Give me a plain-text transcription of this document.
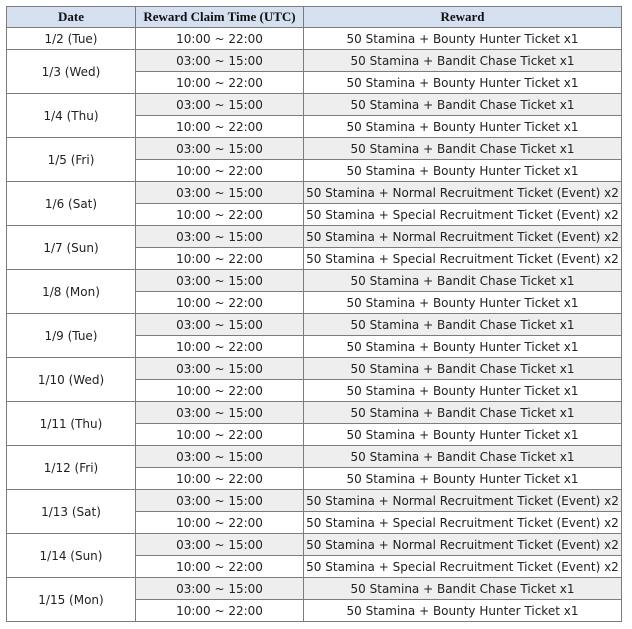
Date	Reward Claim Time (UTC)	Reward
1/2 (Tue)	10:00 ~ 22:00	50 Stamina + Bounty Hunter Ticket x1
1/3 (Wed)	03:00 ~ 15:00	50 Stamina + Bandit Chase Ticket x1
	10:00 ~ 22:00	50 Stamina + Bounty Hunter Ticket x1
1/4 (Thu)	03:00 ~ 15:00	50 Stamina + Bandit Chase Ticket x1
	10:00 ~ 22:00	50 Stamina + Bounty Hunter Ticket x1
1/5 (Fri)	03:00 ~ 15:00	50 Stamina + Bandit Chase Ticket x1
	10:00 ~ 22:00	50 Stamina + Bounty Hunter Ticket x1
1/6 (Sat)	03:00 ~ 15:00	50 Stamina + Normal Recruitment Ticket (Event) x2
	10:00 ~ 22:00	50 Stamina + Special Recruitment Ticket (Event) x2
1/7 (Sun)	03:00 ~ 15:00	50 Stamina + Normal Recruitment Ticket (Event) x2
	10:00 ~ 22:00	50 Stamina + Special Recruitment Ticket (Event) x2
1/8 (Mon)	03:00 ~ 15:00	50 Stamina + Bandit Chase Ticket x1
	10:00 ~ 22:00	50 Stamina + Bounty Hunter Ticket x1
1/9 (Tue)	03:00 ~ 15:00	50 Stamina + Bandit Chase Ticket x1
	10:00 ~ 22:00	50 Stamina + Bounty Hunter Ticket x1
1/10 (Wed)	03:00 ~ 15:00	50 Stamina + Bandit Chase Ticket x1
	10:00 ~ 22:00	50 Stamina + Bounty Hunter Ticket x1
1/11 (Thu)	03:00 ~ 15:00	50 Stamina + Bandit Chase Ticket x1
	10:00 ~ 22:00	50 Stamina + Bounty Hunter Ticket x1
1/12 (Fri)	03:00 ~ 15:00	50 Stamina + Bandit Chase Ticket x1
	10:00 ~ 22:00	50 Stamina + Bounty Hunter Ticket x1
1/13 (Sat)	03:00 ~ 15:00	50 Stamina + Normal Recruitment Ticket (Event) x2
	10:00 ~ 22:00	50 Stamina + Special Recruitment Ticket (Event) x2
1/14 (Sun)	03:00 ~ 15:00	50 Stamina + Normal Recruitment Ticket (Event) x2
	10:00 ~ 22:00	50 Stamina + Special Recruitment Ticket (Event) x2
1/15 (Mon)	03:00 ~ 15:00	50 Stamina + Bandit Chase Ticket x1
	10:00 ~ 22:00	50 Stamina + Bounty Hunter Ticket x1
